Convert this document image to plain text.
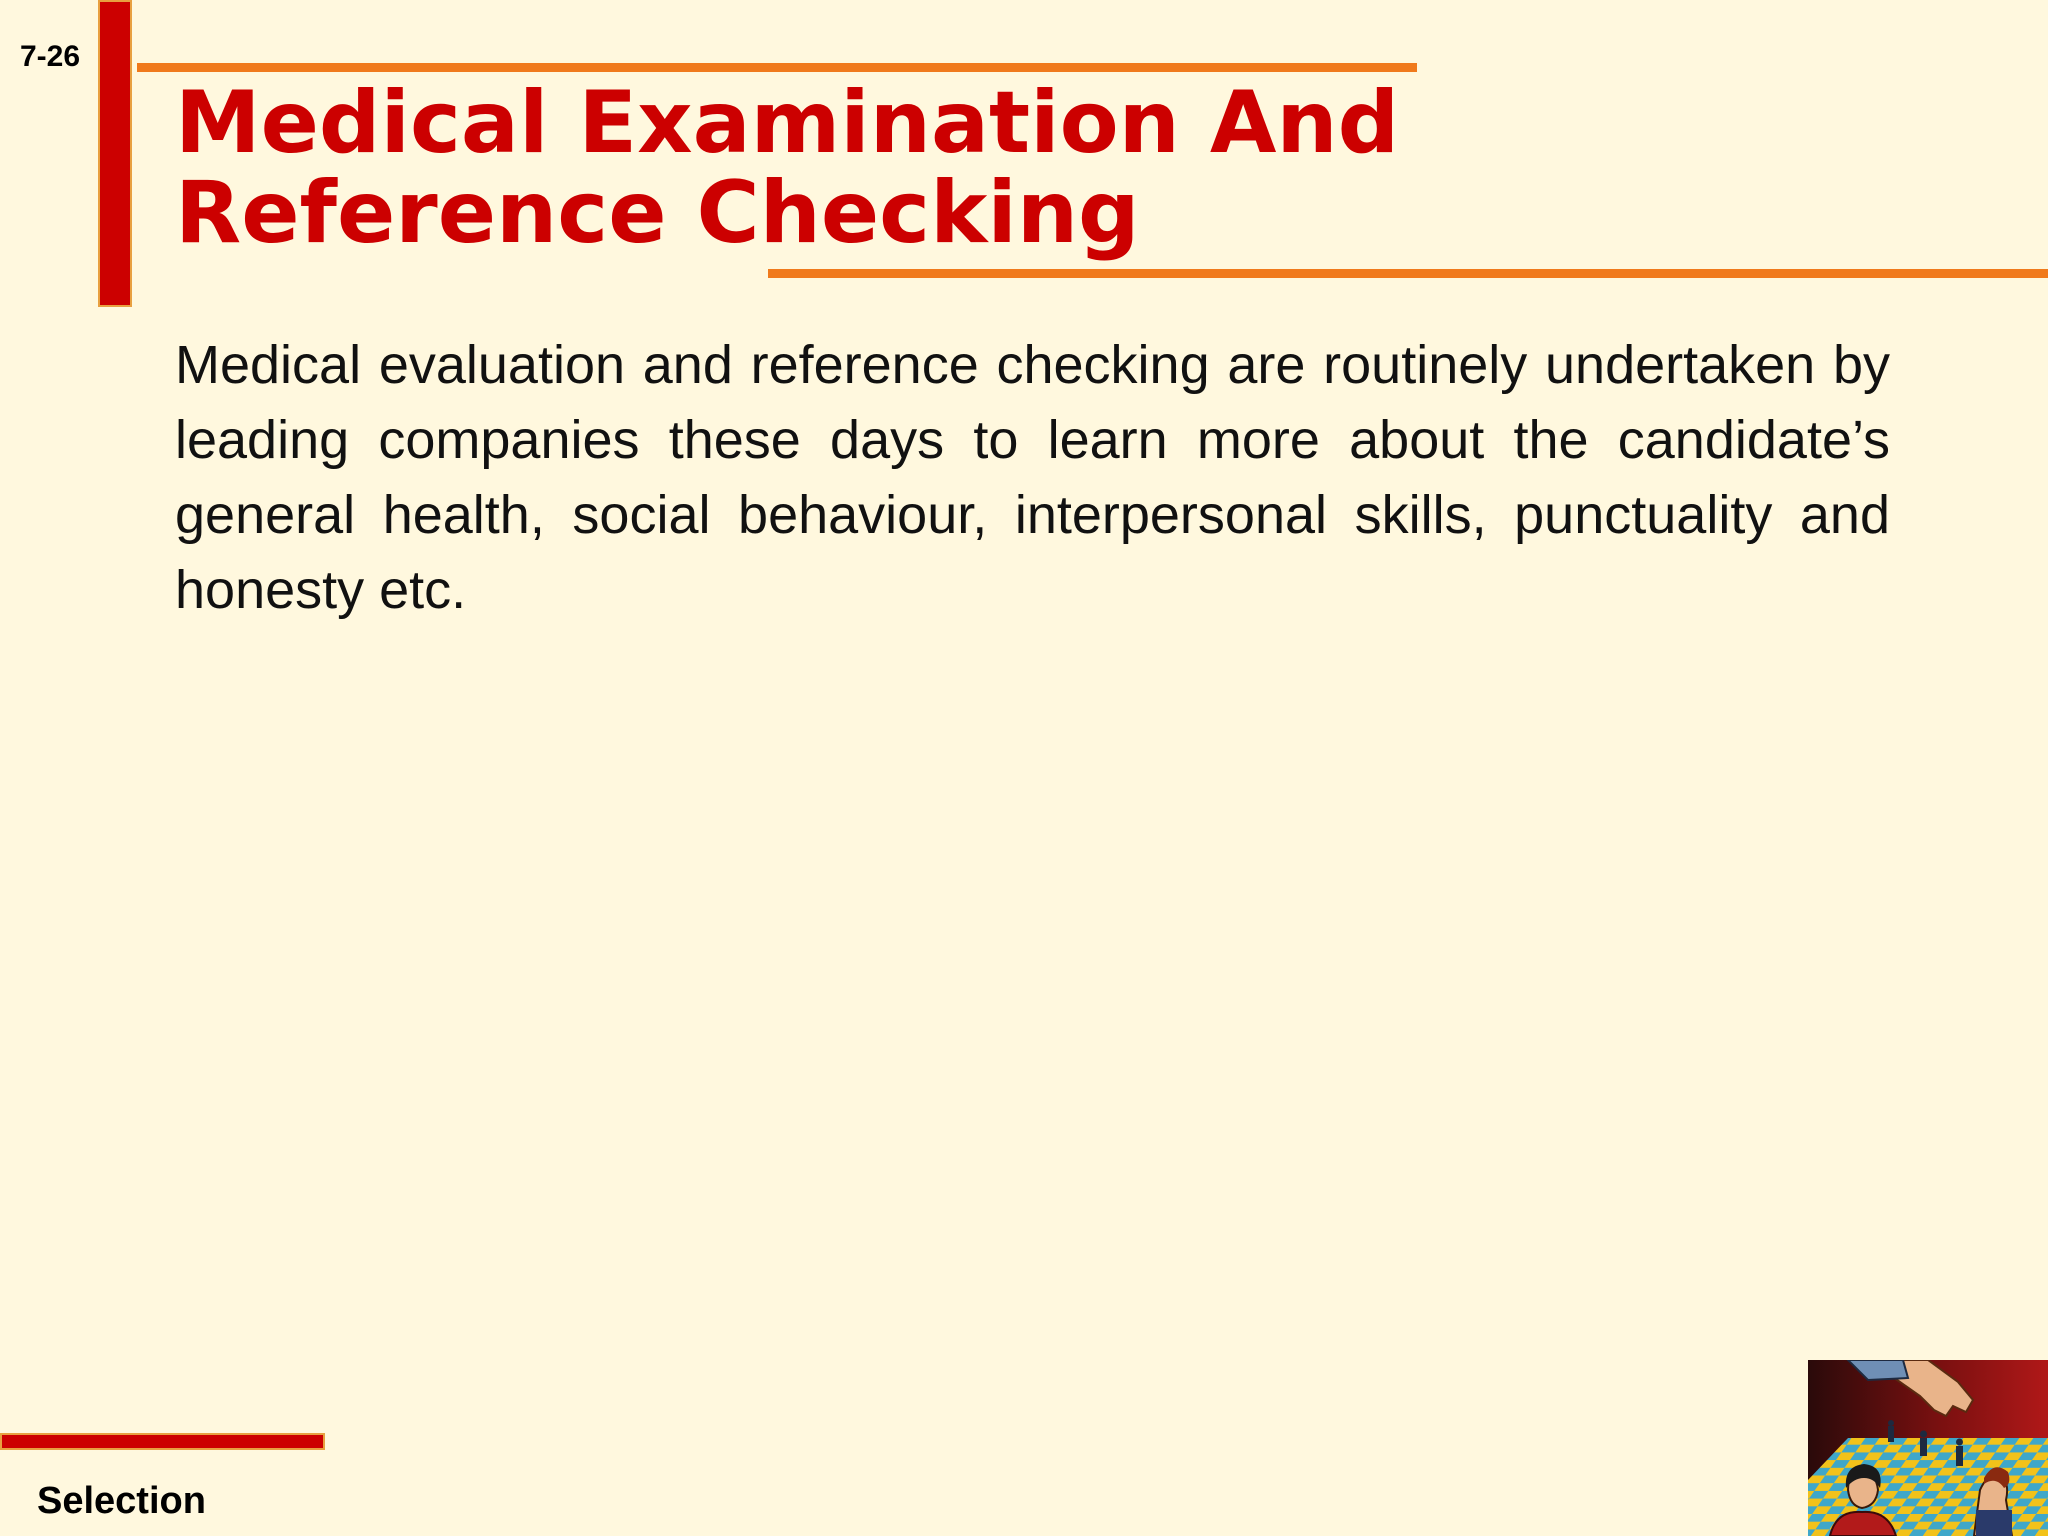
7-26
Medical Examination And
Reference Checking

Medical evaluation and reference checking are routinely undertaken by leading companies these days to learn more about the candidate’s general health, social behaviour, interpersonal skills, punctuality and honesty etc.

Selection
